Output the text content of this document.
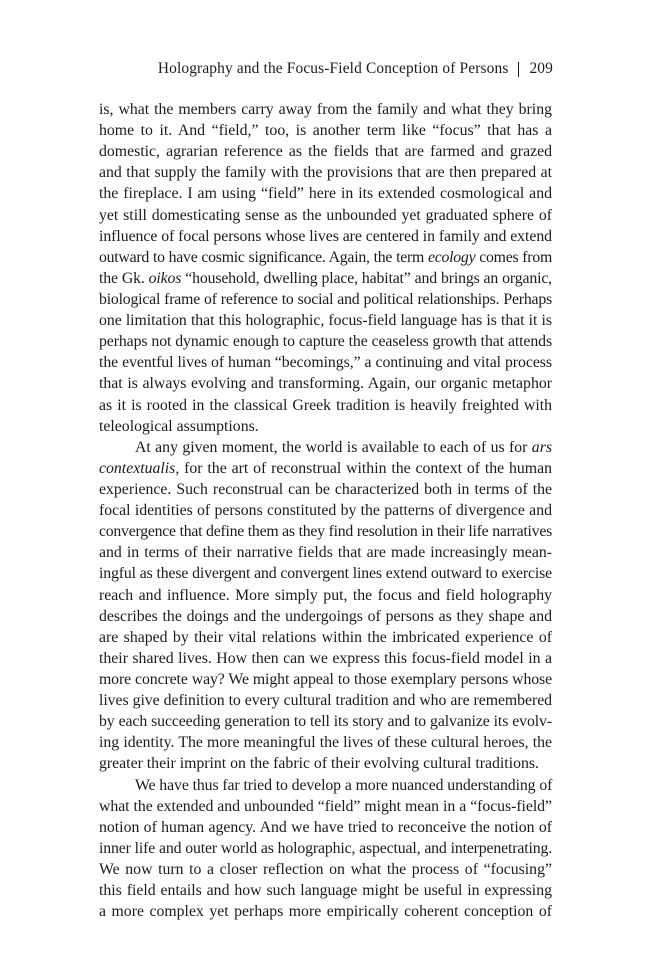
Holography and the Focus-Field Conception of Persons 209
is, what the members carry away from the family and what they bring
home to it. And “field,” too, is another term like “focus” that has a
domestic, agrarian reference as the fields that are farmed and grazed
and that supply the family with the provisions that are then prepared at
the fireplace. I am using “field” here in its extended cosmological and
yet still domesticating sense as the unbounded yet graduated sphere of
influence of focal persons whose lives are centered in family and extend
outward to have cosmic significance. Again, the term ecology comes from
the Gk. oikos “household, dwelling place, habitat” and brings an organic,
biological frame of reference to social and political relationships. Perhaps
one limitation that this holographic, focus-field language has is that it is
perhaps not dynamic enough to capture the ceaseless growth that attends
the eventful lives of human “becomings,” a continuing and vital process
that is always evolving and transforming. Again, our organic metaphor
as it is rooted in the classical Greek tradition is heavily freighted with
teleological assumptions.
At any given moment, the world is available to each of us for ars
contextualis, for the art of reconstrual within the context of the human
experience. Such reconstrual can be characterized both in terms of the
focal identities of persons constituted by the patterns of divergence and
convergence that define them as they find resolution in their life narratives
and in terms of their narrative fields that are made increasingly mean-
ingful as these divergent and convergent lines extend outward to exercise
reach and influence. More simply put, the focus and field holography
describes the doings and the undergoings of persons as they shape and
are shaped by their vital relations within the imbricated experience of
their shared lives. How then can we express this focus-field model in a
more concrete way? We might appeal to those exemplary persons whose
lives give definition to every cultural tradition and who are remembered
by each succeeding generation to tell its story and to galvanize its evolv-
ing identity. The more meaningful the lives of these cultural heroes, the
greater their imprint on the fabric of their evolving cultural traditions.
We have thus far tried to develop a more nuanced understanding of
what the extended and unbounded “field” might mean in a “focus-field”
notion of human agency. And we have tried to reconceive the notion of
inner life and outer world as holographic, aspectual, and interpenetrating.
We now turn to a closer reflection on what the process of “focusing”
this field entails and how such language might be useful in expressing
a more complex yet perhaps more empirically coherent conception of
